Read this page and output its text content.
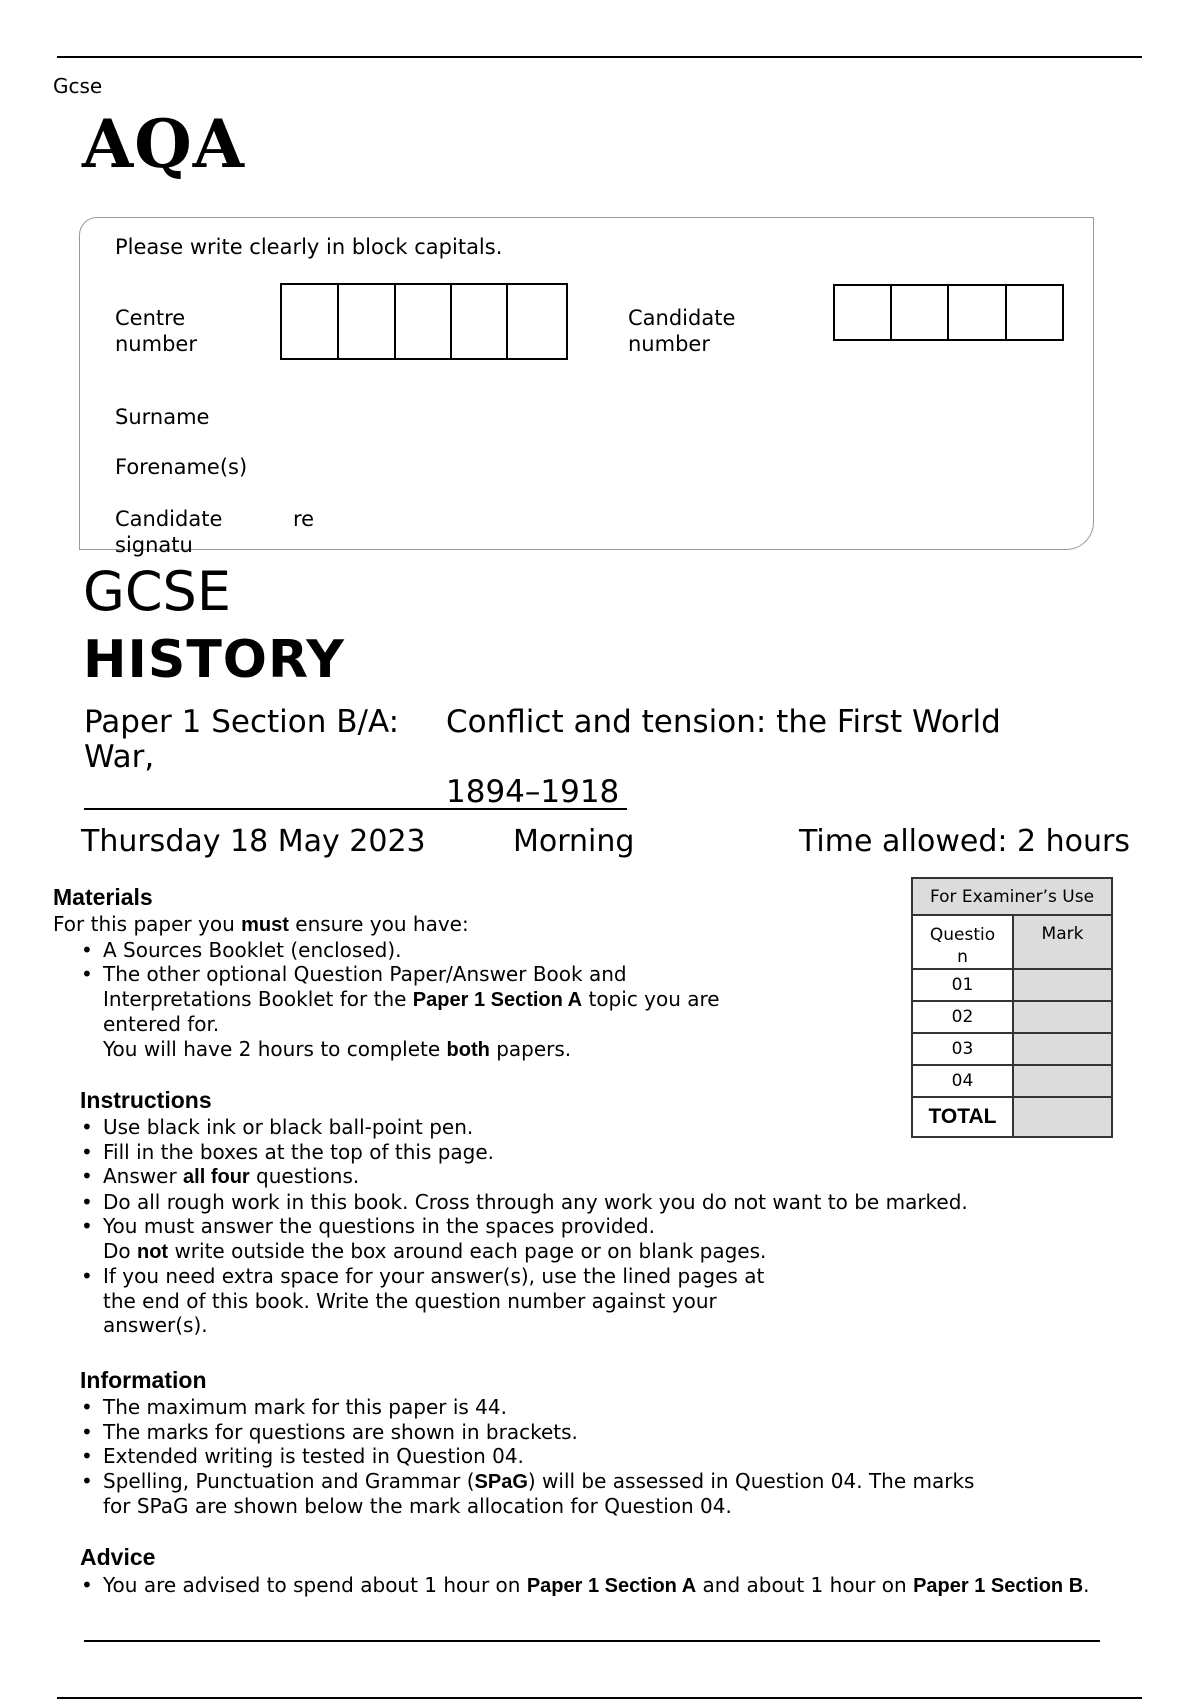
Gcse
AQA
Please write clearly in block capitals.
Centre
number
Candidate
number
Surname
Forename(s)
Candidate
signatu
re
GCSE
HISTORY
Paper 1 Section B/A: Conflict and tension: the First World
War,
1894–1918
Thursday 18 May 2023	Morning	Time allowed: 2 hours
Materials
For this paper you must ensure you have:
• A Sources Booklet (enclosed).
• The other optional Question Paper/Answer Book and
Interpretations Booklet for the Paper 1 Section A topic you are
entered for.
You will have 2 hours to complete both papers.
Instructions
• Use black ink or black ball-point pen.
• Fill in the boxes at the top of this page.
• Answer all four questions.
• Do all rough work in this book. Cross through any work you do not want to be marked.
• You must answer the questions in the spaces provided.
Do not write outside the box around each page or on blank pages.
• If you need extra space for your answer(s), use the lined pages at
the end of this book. Write the question number against your
answer(s).
Information
• The maximum mark for this paper is 44.
• The marks for questions are shown in brackets.
• Extended writing is tested in Question 04.
• Spelling, Punctuation and Grammar (SPaG) will be assessed in Question 04. The marks
for SPaG are shown below the mark allocation for Question 04.
Advice
• You are advised to spend about 1 hour on Paper 1 Section A and about 1 hour on Paper 1 Section B.
For Examiner’s Use	

Questio
n	Mark
01	
02	
03	
04	
TOTAL	
